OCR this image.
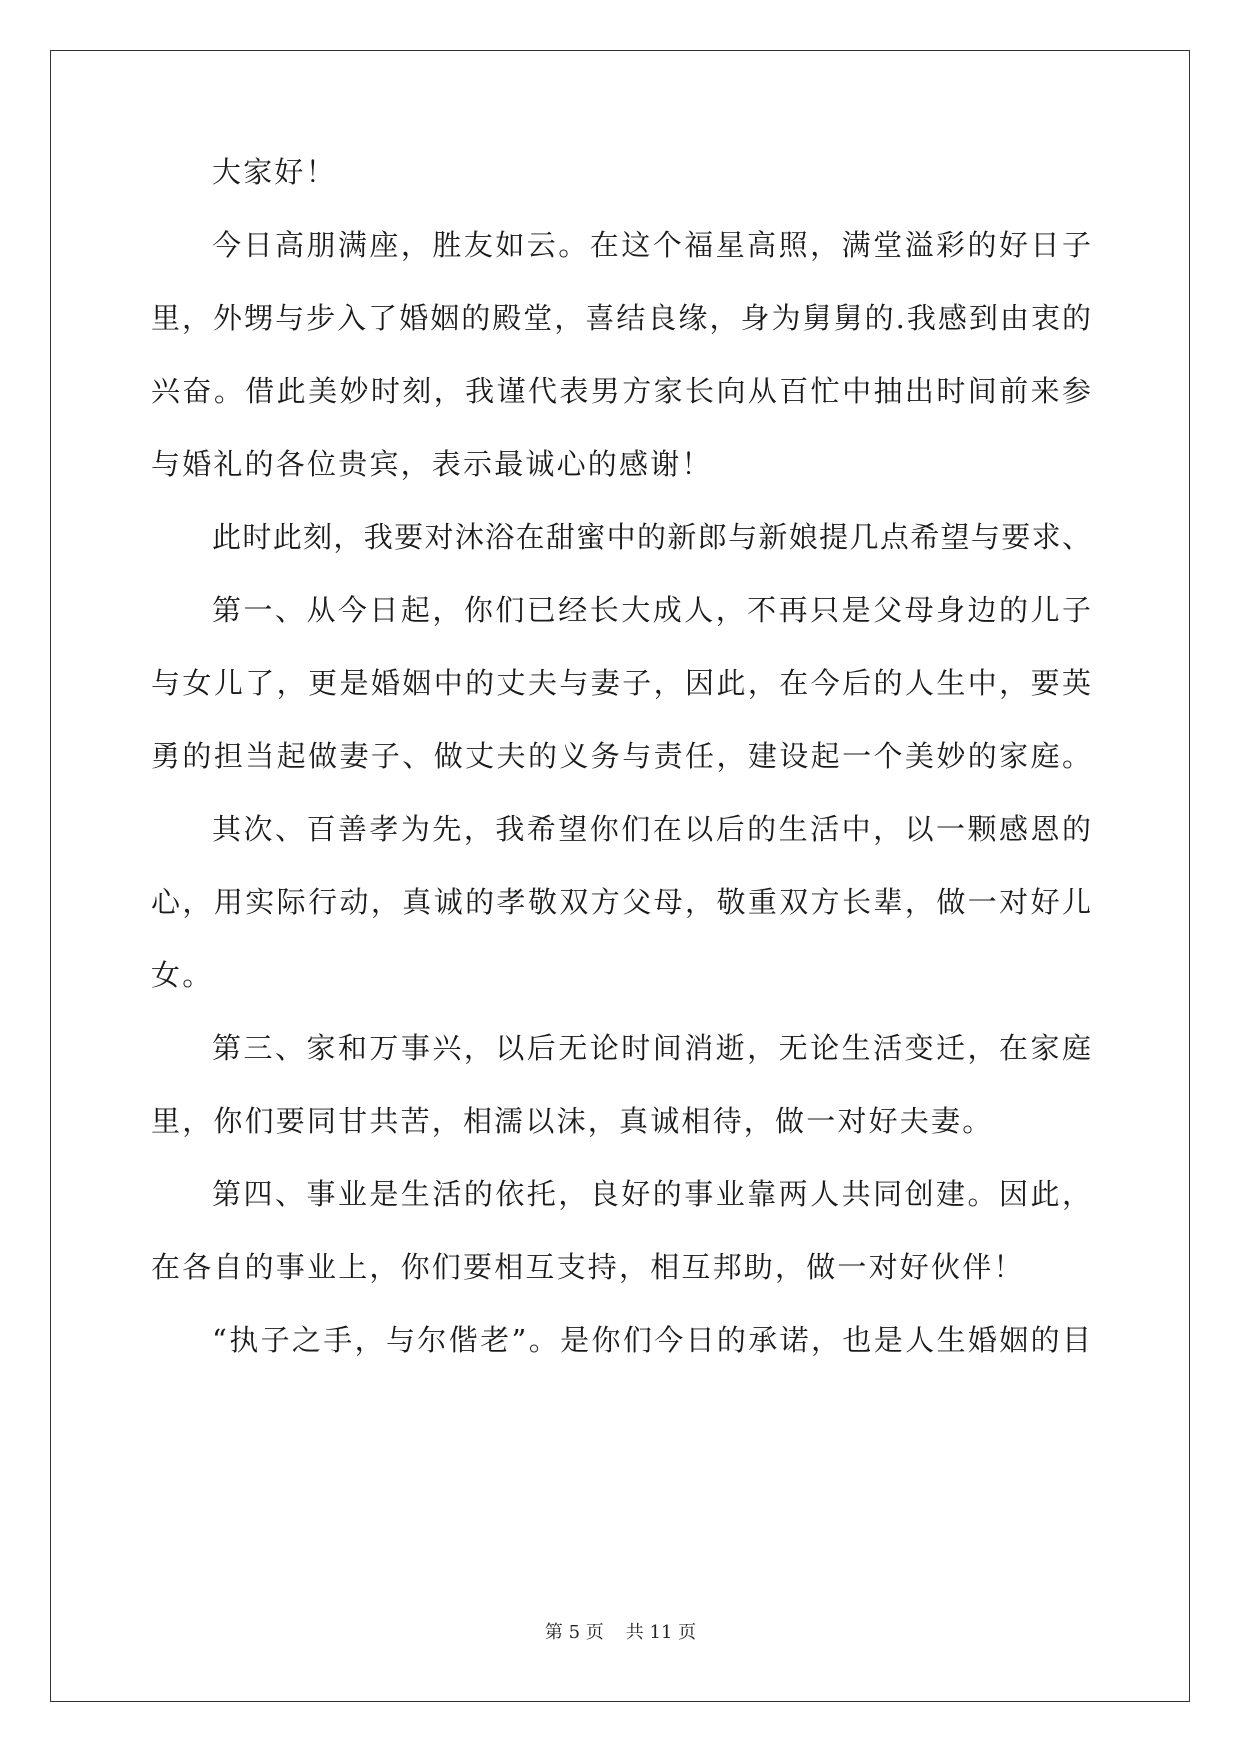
大家好！
今日高朋满座，胜友如云。在这个福星高照，满堂溢彩的好日子
里，外甥与步入了婚姻的殿堂，喜结良缘，身为舅舅的.我感到由衷的
兴奋。借此美妙时刻，我谨代表男方家长向从百忙中抽出时间前来参
与婚礼的各位贵宾，表示最诚心的感谢！
此时此刻，我要对沐浴在甜蜜中的新郎与新娘提几点希望与要求、
第一、从今日起，你们已经长大成人，不再只是父母身边的儿子
与女儿了，更是婚姻中的丈夫与妻子，因此，在今后的人生中，要英
勇的担当起做妻子、做丈夫的义务与责任，建设起一个美妙的家庭。
其次、百善孝为先，我希望你们在以后的生活中，以一颗感恩的
心，用实际行动，真诚的孝敬双方父母，敬重双方长辈，做一对好儿
女。
第三、家和万事兴，以后无论时间消逝，无论生活变迁，在家庭
里，你们要同甘共苦，相濡以沫，真诚相待，做一对好夫妻。
第四、事业是生活的依托，良好的事业靠两人共同创建。因此，
在各自的事业上，你们要相互支持，相互邦助，做一对好伙伴！
“执子之手，与尔偕老”。是你们今日的承诺，也是人生婚姻的目
第 5 页 共 11 页
